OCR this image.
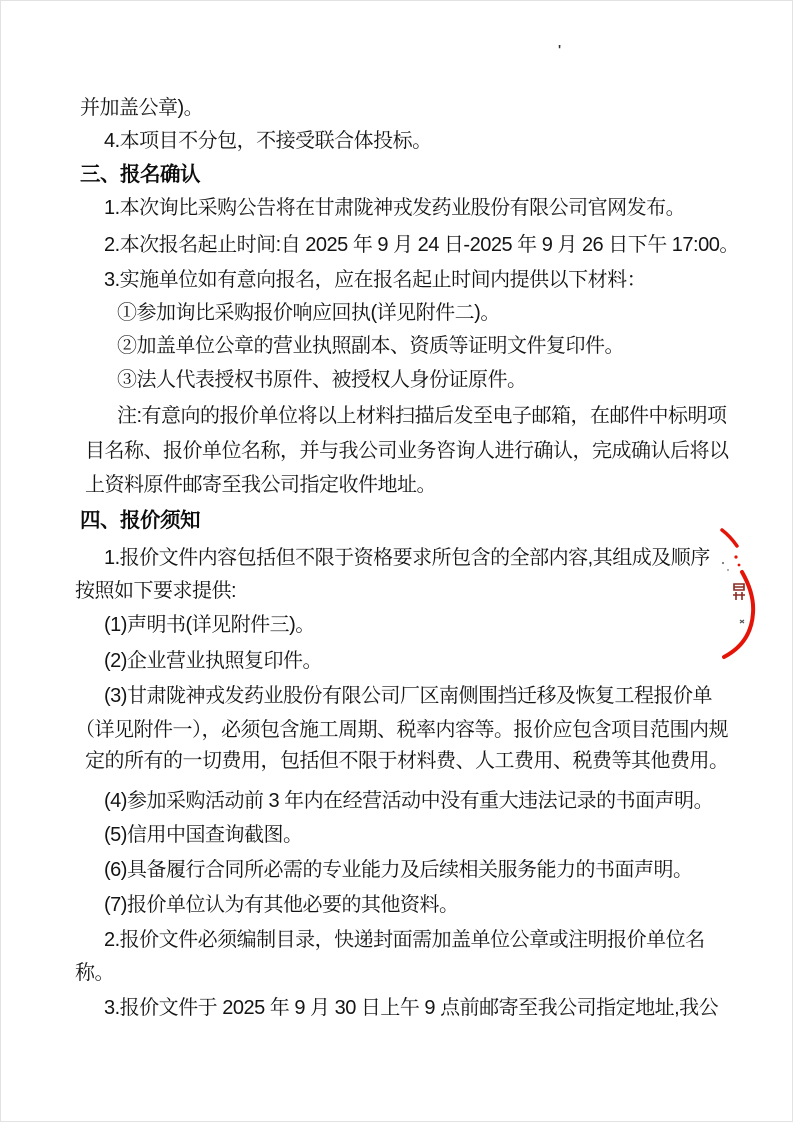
'
并加盖公章)。
4.本项目不分包，不接受联合体投标。
三、报名确认
1.本次询比采购公告将在甘肃陇神戎发药业股份有限公司官网发布。
2.本次报名起止时间:自 2025 年 9 月 24 日-2025 年 9 月 26 日下午 17:00。
3.实施单位如有意向报名，应在报名起止时间内提供以下材料：
①参加询比采购报价响应回执(详见附件二)。
②加盖单位公章的营业执照副本、资质等证明文件复印件。
③法人代表授权书原件、被授权人身份证原件。
注:有意向的报价单位将以上材料扫描后发至电子邮箱，在邮件中标明项
目名称、报价单位名称，并与我公司业务咨询人进行确认，完成确认后将以
上资料原件邮寄至我公司指定收件地址。
四、报价须知
1.报价文件内容包括但不限于资格要求所包含的全部内容,其组成及顺序
按照如下要求提供:
(1)声明书(详见附件三)。
(2)企业营业执照复印件。
(3)甘肃陇神戎发药业股份有限公司厂区南侧围挡迁移及恢复工程报价单
（详见附件一），必须包含施工周期、税率内容等。报价应包含项目范围内规
定的所有的一切费用，包括但不限于材料费、人工费用、税费等其他费用。
(4)参加采购活动前 3 年内在经营活动中没有重大违法记录的书面声明。
(5)信用中国查询截图。
(6)具备履行合同所必需的专业能力及后续相关服务能力的书面声明。
(7)报价单位认为有其他必要的其他资料。
2.报价文件必须编制目录，快递封面需加盖单位公章或注明报价单位名
称。
3.报价文件于 2025 年 9 月 30 日上午 9 点前邮寄至我公司指定地址,我公
